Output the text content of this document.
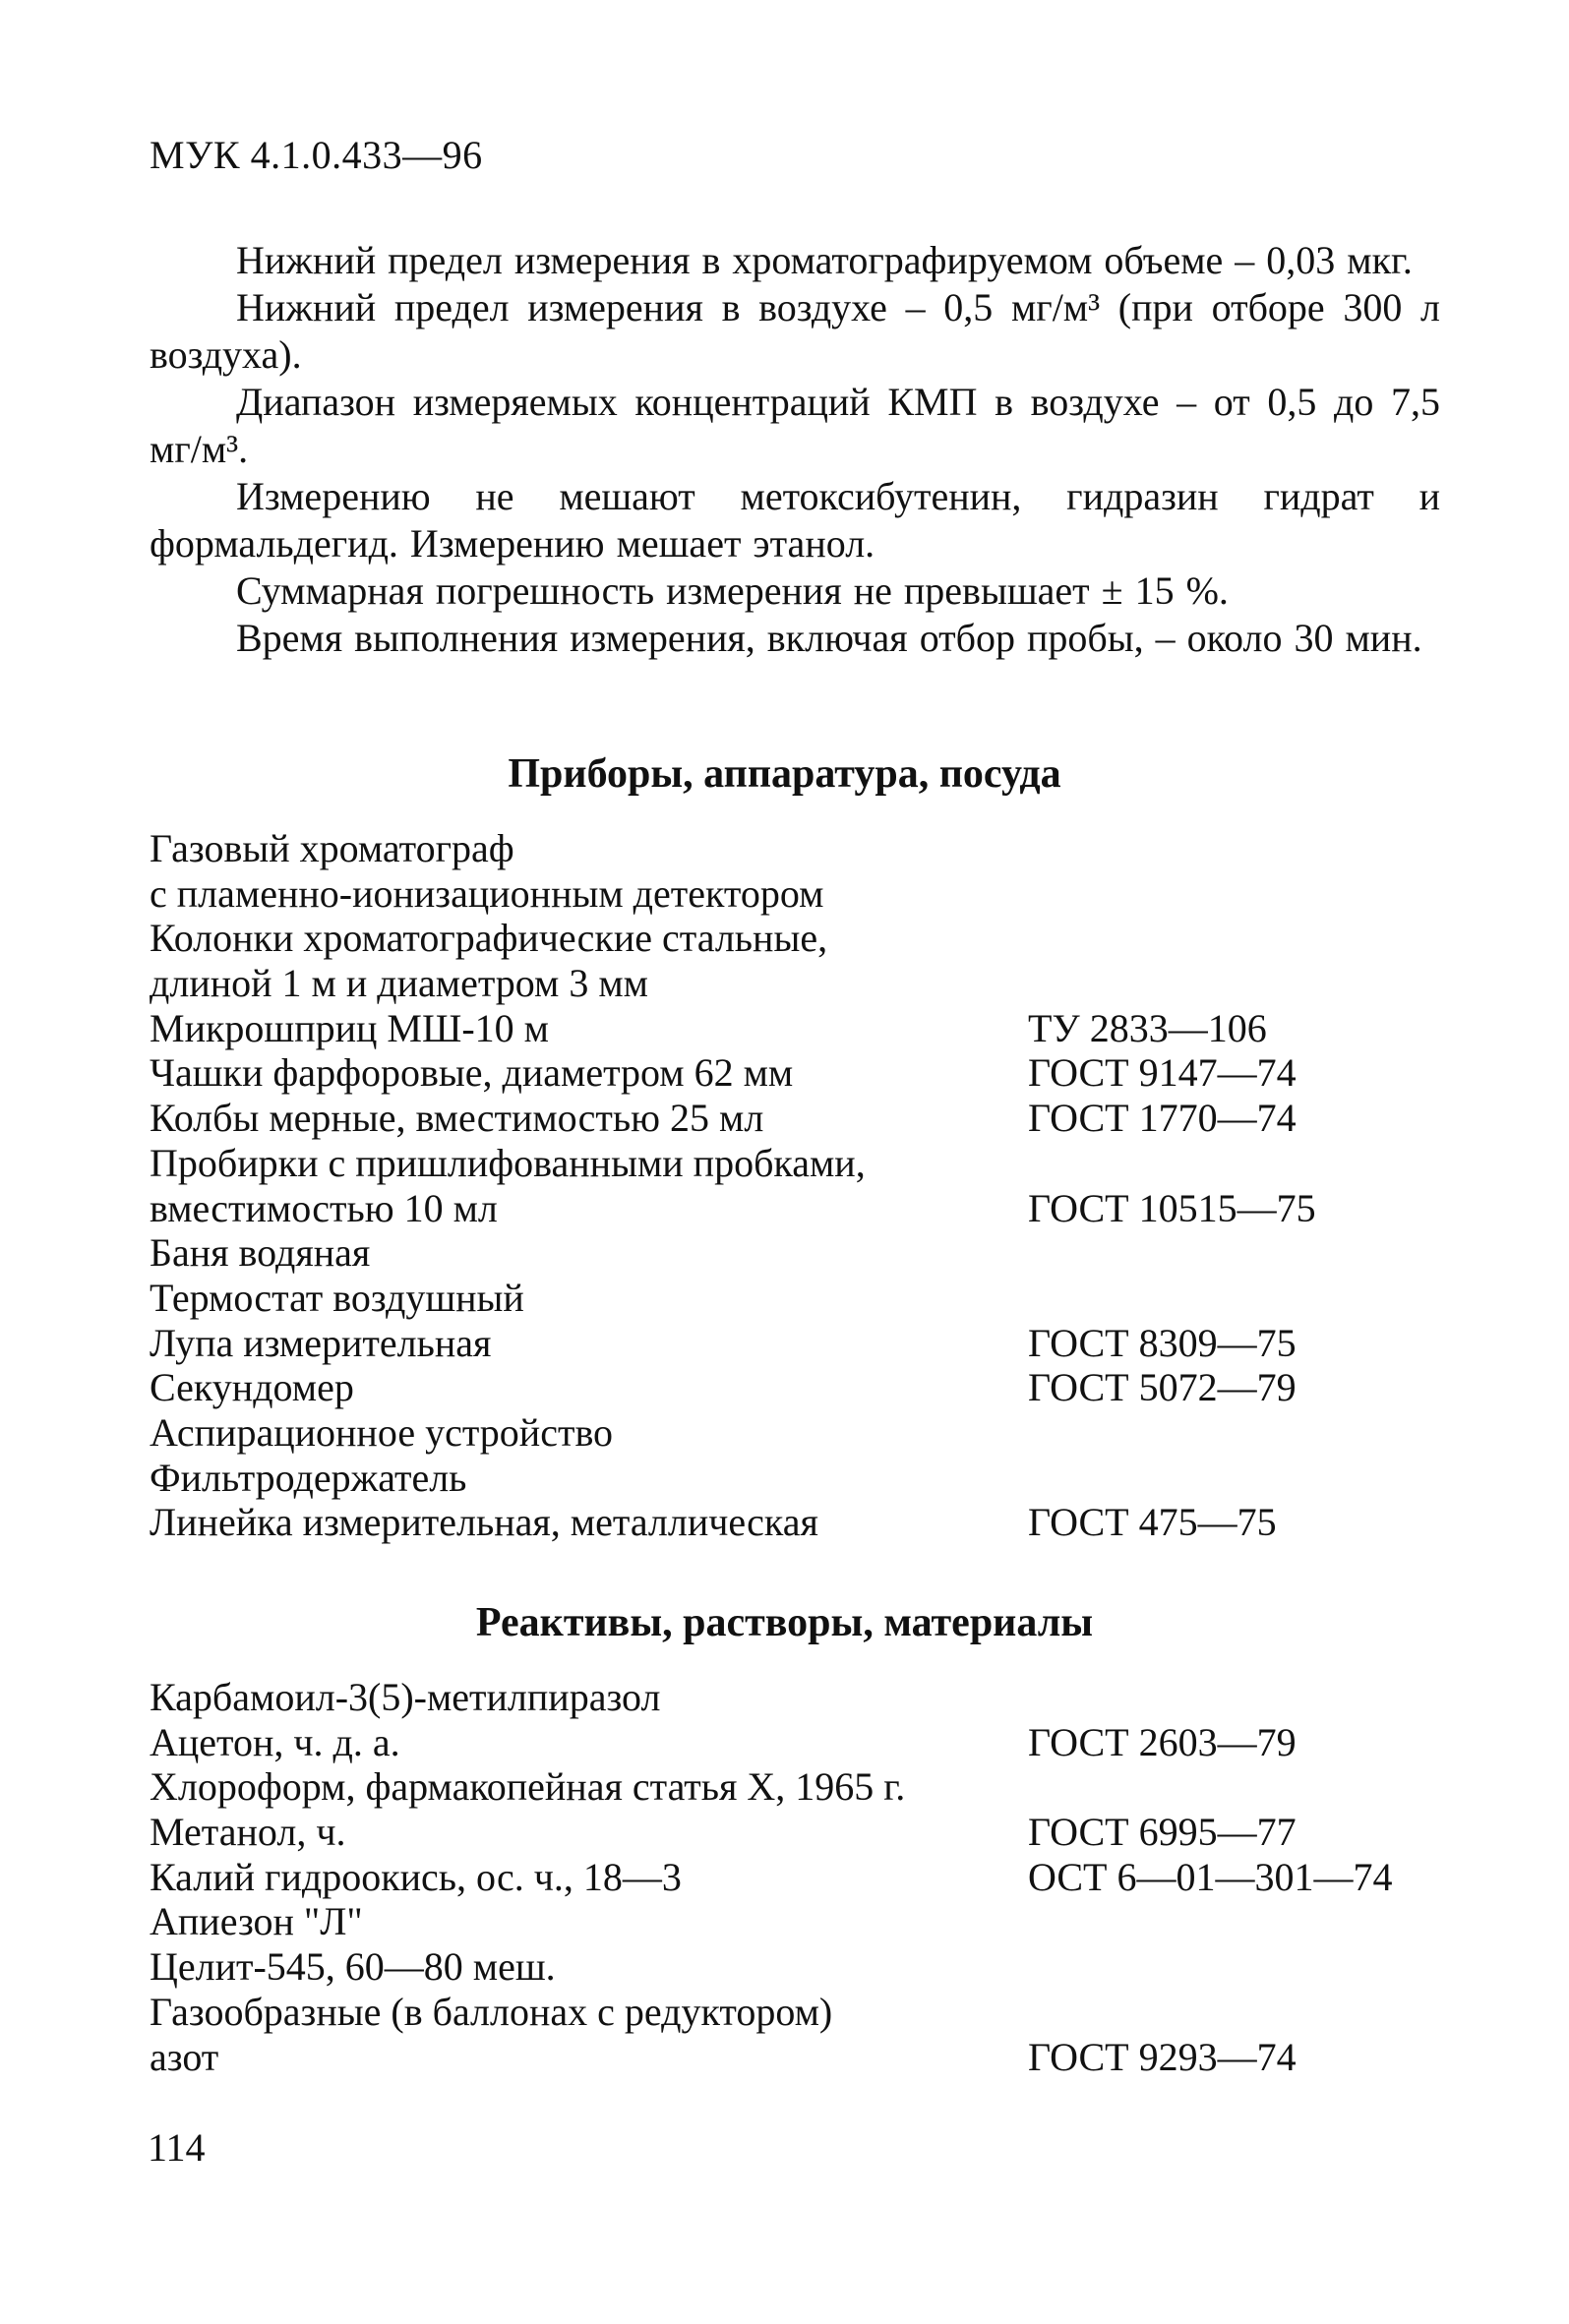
МУК 4.1.0.433—96
Нижний предел измерения в хроматографируемом объеме – 0,03 мкг.
Нижний предел измерения в воздухе – 0,5 мг/м³ (при отборе 300 л воздуха).
Диапазон измеряемых концентраций КМП в воздухе – от 0,5 до 7,5 мг/м³.
Измерению не мешают метоксибутенин, гидразин гидрат и формальдегид. Измерению мешает этанол.
Суммарная погрешность измерения не превышает ± 15 %.
Время выполнения измерения, включая отбор пробы, – около 30 мин.
Приборы, аппаратура, посуда
Газовый хроматограф
с пламенно-ионизационным детектором
Колонки хроматографические стальные,
длиной 1 м и диаметром 3 мм
Микрошприц МШ-10 м	ТУ 2833—106
Чашки фарфоровые, диаметром 62 мм	ГОСТ 9147—74
Колбы мерные, вместимостью 25 мл	ГОСТ 1770—74
Пробирки с пришлифованными пробками,
вместимостью 10 мл	ГОСТ 10515—75
Баня водяная
Термостат воздушный
Лупа измерительная	ГОСТ 8309—75
Секундомер	ГОСТ 5072—79
Аспирационное устройство
Фильтродержатель
Линейка измерительная, металлическая	ГОСТ 475—75
Реактивы, растворы, материалы
Карбамоил-3(5)-метилпиразол
Ацетон, ч. д. а.	ГОСТ 2603—79
Хлороформ, фармакопейная статья X, 1965 г.
Метанол, ч.	ГОСТ 6995—77
Калий гидроокись, ос. ч., 18—3	ОСТ 6—01—301—74
Апиезон "Л"
Целит-545, 60—80 меш.
Газообразные (в баллонах с редуктором)
азот	ГОСТ 9293—74
114
